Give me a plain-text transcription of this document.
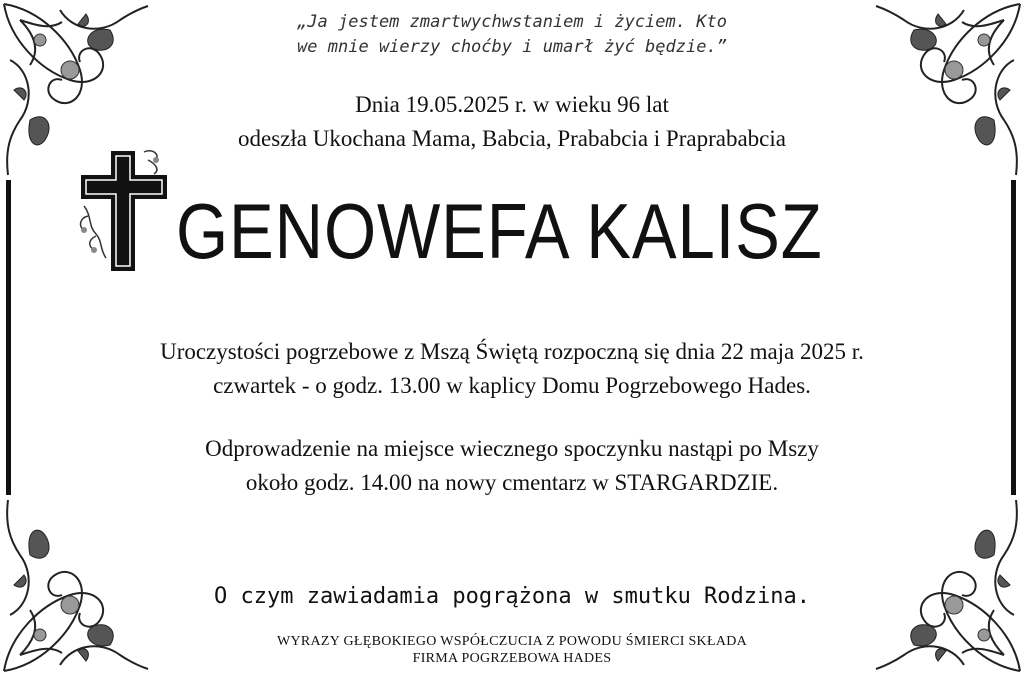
„Ja jestem zmartwychwstaniem i życiem. Kto
we mnie wierzy choćby i umarł żyć będzie.”
Dnia 19.05.2025 r. w wieku 96 lat
odeszła Ukochana Mama, Babcia, Prababcia i Praprababcia
GENOWEFA KALISZ
Uroczystości pogrzebowe z Mszą Świętą rozpoczną się dnia 22 maja 2025 r.
czwartek - o godz. 13.00 w kaplicy Domu Pogrzebowego Hades.
Odprowadzenie na miejsce wiecznego spoczynku nastąpi po Mszy
około godz. 14.00 na nowy cmentarz w STARGARDZIE.
O czym zawiadamia pogrążona w smutku Rodzina.
WYRAZY GŁĘBOKIEGO WSPÓŁCZUCIA Z POWODU ŚMIERCI SKŁADA
FIRMA POGRZEBOWA HADES
